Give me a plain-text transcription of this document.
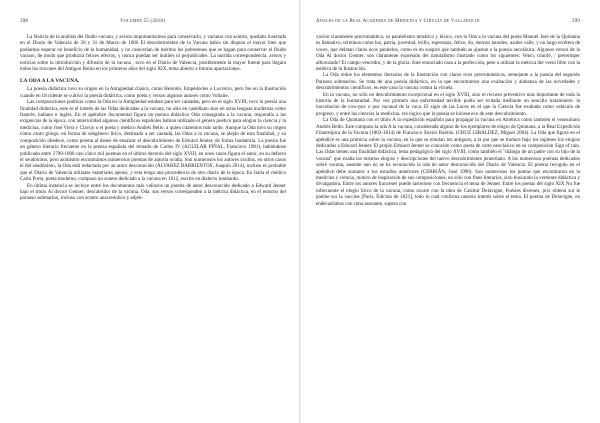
398	Volumen 55 (2018)

La Noticia de la análisis del fluido vacuno, y avisos importantísimos para conservarlo, y vacunar con acierto, quedaba insertada en el Diario de Valencia de 30 y 31 de Marzo de 1806 El descubrimiento de la Vacuna había sin disputa el mayor bien que podíamos esperar en beneficio de la humanidad, y no carecerían de méritos los pobretones que se hagan para conservar el fluido vacuno, de modo que produzca felices efectos, y nunca puedan ser inútiles ni perjudiciales. La nutrida correspondencia, avisos y noticias sobre la introducción y difusión de la vacuna , tuvo en el Diario de Valencia, posiblemente la mayor fuente para llegara todos los rincones del Antiguo Reino en los primeros años del siglo XIX, tema abierto a futuras aportaciones.

LA ODA A LA VACUNA.

La poesía didáctica tuvo su origen en la Antigüedad clásica, como Hesíodo, Empédocles o Lucrecio, pero fue en la Ilustración cuando en Occidente se cultivó la poesía didáctica, como poeta y versos algunos autores como Voltaire.

Las composiciones poéticas como la Oda en la Antigüedad estaban para ser cantadas, pero en el siglo XVIII, tuvo la poesía una finalidad didáctica, este es el interés de las Odas dedicadas a la vacuna, no sólo en castellano sino en otras lenguas modernas como francés, italiano e inglés. En el apéndice documental figura un poema didáctico Oda consagrada a la vacuna, respondía a las exigencias de la época, con anterioridad algunos científicos españoles habían utilizado el género poético para elogiar la ciencia y la medicina, como José Viera y Clavijo o el poeta y médico Andrés Bello, a quien citaremos más tarde. Aunque la Oda tuvo su origen como canto griego, en forma de subgénero lírico, destinado a ser cantada, las Odas a la vacuna, se alejan de esta finalidad, y su composición obedece, como poema al deseo de ensalzar el descubrimiento de Edward Jenner, de forma laudatoria. La poesía fue un género literario frecuente en la prensa española del reinado de Carlos IV (AGUILAR PIÑAL, Francisco 1981), habiéndose publicado entre 1790-1800 casi cinco mil poemas en el último decenio del siglo XVIII, en unos casos figura el autor, en su defecto el seudónimo, pero asimismo encontramos numerosos poemas de autoría oculta, Son numerosos los autores ocultos, en otros casos el del seudónimo, la Oda está redactada por un autor desconocido (ÁLVAREZ BARRIENTOS, Joaquín 2014), incluso es probable que el Diario de Valencia utilizase materiales ajenos, y esta tenga una procedencia de otro diario de la época. En Italia el médico Carlo Porta, poeta moderno, compuso un soneto dedicado a la vacuna en 1812, escrito en dialecto lombardo.

En última instancia se incluye entre los documentos más valiosos un poema de autor desconocido dedicado a Edward Jenner bajo el título Al doctor Genner, descubridor de la vacuna. Oda, sus versos corresponden a la métrica didáctica, en el entorno del parnaso submarino, incluso con acento anacreóntico y adjeti-

Anales de la Real Academia de Medicina y Cirugía de Valladolid	399

vación claramente prerromántica, su paralelismo temático y léxico, con la Oda a la vacuna del poeta Manuel José de la Quintana es llamativo, términos como luz, patria, juventud, brillo, esperanza, felice, do, eternos laureles, azules valle, y un largo etcétera de voces, que delatan claros ecos paralelos, como es en suspiro que también se ajustan a la poesía neoclásica. Algunos versos de la Oda Al doctor Genner, son claramente expresión del naturalismo ilustrado como los siguientes: Venci, triunfe, / pretermper alborozado! El campo vencedor, y de la gloria. Este enunciado casa a la perfección, pese a utilizar la métrica del verso libre con la estética de la Ilustración.

La Oda reúne los elementos literarios de la Ilustración con claros ecos prerrománticos, semejante a la poesía del segundo Parnaso submarino. Se trata de una poesía didáctica, en la que encontramos una exaltación y alabanza de las novedades y descubrimientos científicos, en este caso la vacuna contra la viruela.

En la vacuna, no sólo un descubrimiento excepcional en el siglo XVIII, sino el recurso preventivo más importante de toda la historia de la humanidad. Por vez primera una enfermedad terrible podía ser evitada mediante un sencillo tratamiento: la inoculación de cow-pox o pus vacunal de la vaca. El siglo de las Luces en el que la Ciencia fue exaltada como vehículo de progreso, y entre las ciencias la medicina, era lógico que la poesía se hiciese eco de este descubrimiento.

La Oda de Quintana con el título A la expedición española para propagar la vacuna en América como también el venezolano Andrés Bello. Este compuso la oda A la vacuna, considerada alguno de los ejemplares de elogio de Quintana, a la Real Expedición Filantrópica de la Vacuna (1803-1814) de Francisco Xavier Balmis. (CRUZ GIRÁLDEZ, Miguel 2004). La Oda que figura en el apéndice es una primicia sobre la vacuna, en la que se emulan los antiguos, a la par que se traduce bajo los ingleses los elogios dedicados a Edward Jenner. El propio Edward Jenner se conocido como poeta de corte neoclásico en su composición Sign of rain. Las Odas tienen una finalidad didáctica, tema pedagógico del siglo XVIII, como también el "diálogo de un padre con su hijo de la vacuna" que exalta los mismos elogios y descripciones del nuevo descubrimiento jenneriano. A los numerosos poemas dedicados sobre vacuna, ausente aun no se ha reconocido la oda de autor desconocido del Diario de Valencia. El poema recogido en el apéndice debe sumarse a los estudios anteriores (CEBRIÁN, José 1996). Son numerosos los poetas que encontraron en la medicina y ciencia, motivo de inspiración de sus composiciones, no sólo con fines literarios, sino buscando la vertiente didáctica y divulgadora. Entre los autores franceses puede rastrearse con frecuencia el tema de Jenner. Entre los poetas del siglo XIX No fue infrecuente el elogio lírico de la vacuna, como ocurre con la obra de Casimir Delavigne, Poésies diverses, prix obtenu sur le poème sur la vaccine [Paris, Édicion de 1823], todo lo cual confirma nuestro interés sobre el tema. El poema de Delavigne, en endecasílabos con rima asonante, supera con
